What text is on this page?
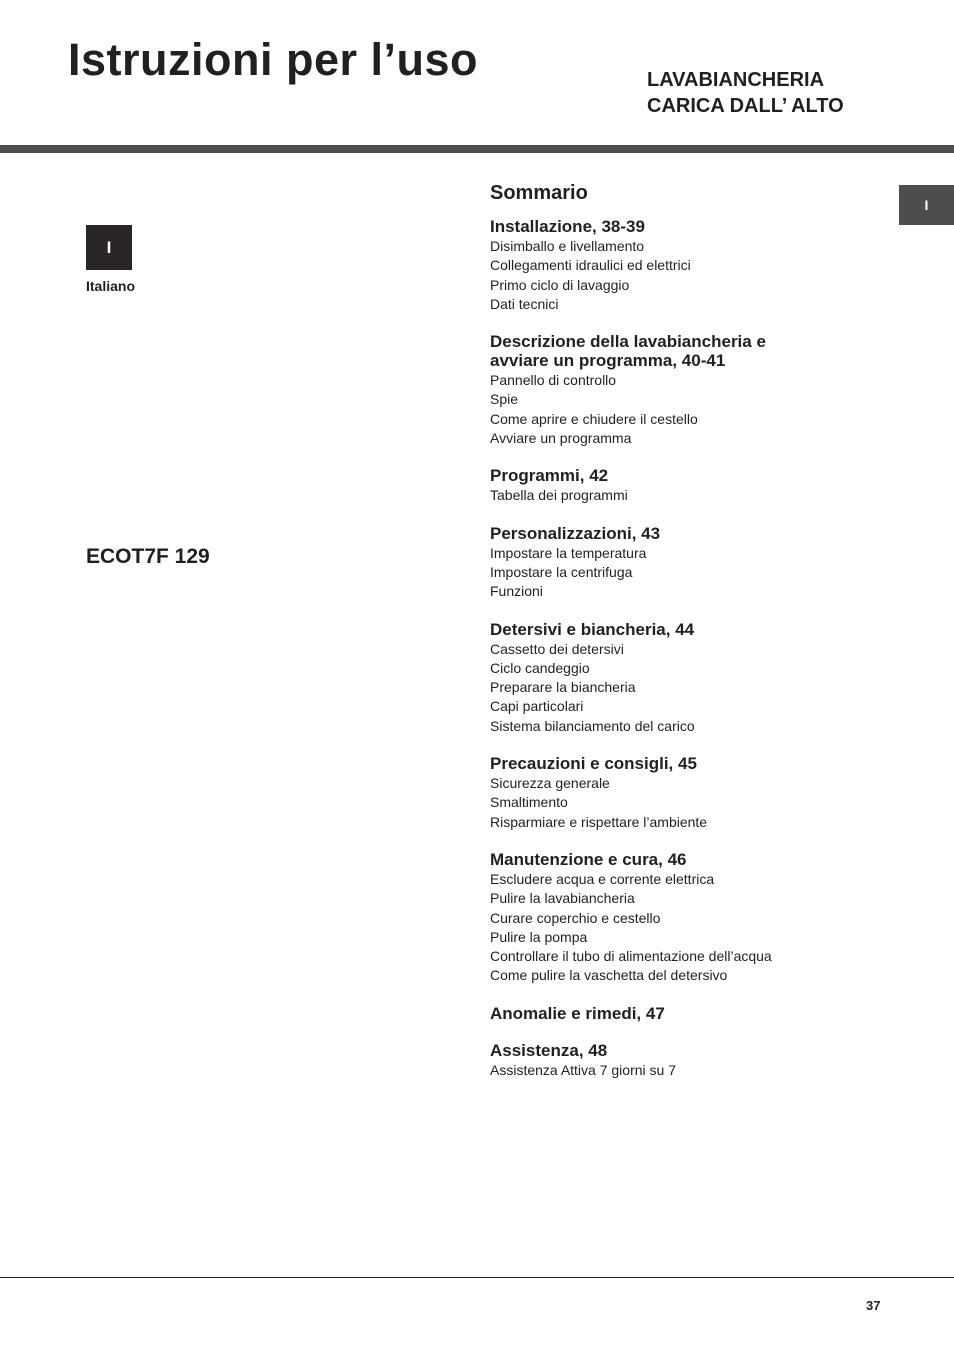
Istruzioni per l’uso	LAVABIANCHERIA
CARICA DALL’ ALTO
I
Italiano
I
ECOT7F 129
Sommario
Installazione, 38-39
Disimballo e livellamento
Collegamenti idraulici ed elettrici
Primo ciclo di lavaggio
Dati tecnici
Descrizione della lavabiancheria e
avviare un programma, 40-41
Pannello di controllo
Spie
Come aprire e chiudere il cestello
Avviare un programma
Programmi, 42
Tabella dei programmi
Personalizzazioni, 43
Impostare la temperatura
Impostare la centrifuga
Funzioni
Detersivi e biancheria, 44
Cassetto dei detersivi
Ciclo candeggio
Preparare la biancheria
Capi particolari
Sistema bilanciamento del carico
Precauzioni e consigli, 45
Sicurezza generale
Smaltimento
Risparmiare e rispettare l’ambiente
Manutenzione e cura, 46
Escludere acqua e corrente elettrica
Pulire la lavabiancheria
Curare coperchio e cestello
Pulire la pompa
Controllare il tubo di alimentazione dell’acqua
Come pulire la vaschetta del detersivo
Anomalie e rimedi, 47
Assistenza, 48
Assistenza Attiva 7 giorni su 7
37
